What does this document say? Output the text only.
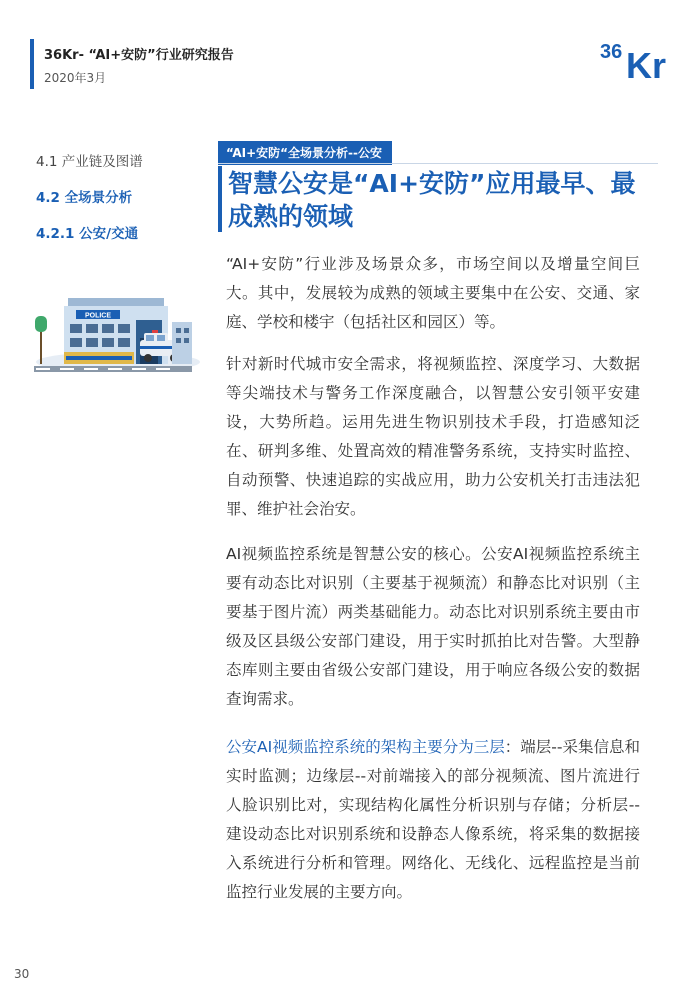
36Kr- “AI+安防”行业研究报告
2020年3月
36 Kr
4.1 产业链及图谱
4.2 全场景分析
4.2.1 公安/交通
POLICE
“AI+安防“全场景分析--公安
智慧公安是“AI+安防”应用最早、最成熟的领域
“AI+安防”行业涉及场景众多，市场空间以及增量空间巨大。其中，发展较为成熟的领域主要集中在公安、交通、家庭、学校和楼宇（包括社区和园区）等。
针对新时代城市安全需求，将视频监控、深度学习、大数据等尖端技术与警务工作深度融合，以智慧公安引领平安建设，大势所趋。运用先进生物识别技术手段，打造感知泛在、研判多维、处置高效的精准警务系统，支持实时监控、自动预警、快速追踪的实战应用，助力公安机关打击违法犯罪、维护社会治安。
AI视频监控系统是智慧公安的核心。公安AI视频监控系统主要有动态比对识别（主要基于视频流）和静态比对识别（主要基于图片流）两类基础能力。动态比对识别系统主要由市级及区县级公安部门建设，用于实时抓拍比对告警。大型静态库则主要由省级公安部门建设，用于响应各级公安的数据查询需求。
公安AI视频监控系统的架构主要分为三层：端层--采集信息和实时监测；边缘层--对前端接入的部分视频流、图片流进行人脸识别比对，实现结构化属性分析识别与存储；分析层--建设动态比对识别系统和设静态人像系统，将采集的数据接入系统进行分析和管理。网络化、无线化、远程监控是当前监控行业发展的主要方向。
30
